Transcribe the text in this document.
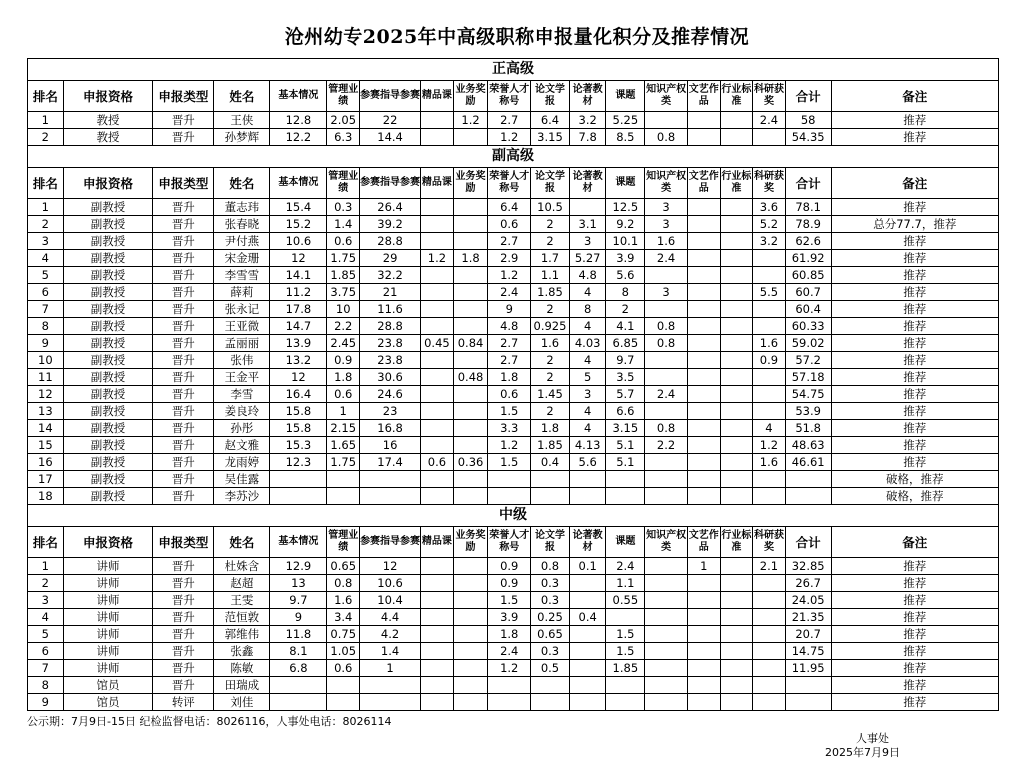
沧州幼专2025年中高级职称申报量化积分及推荐情况
正高级																		
排名	申报资格	申报类型	姓名	基本情况	管理业绩	参赛指导参赛	精品课	业务奖励	荣誉人才称号	论文学报	论著教材	课题	知识产权类	文艺作品	行业标准	科研获奖	合计	备注
1	教授	晋升	王侠	12.8	2.05	22		1.2	2.7	6.4	3.2	5.25				2.4	58	推荐
2	教授	晋升	孙梦辉	12.2	6.3	14.4			1.2	3.15	7.8	8.5	0.8				54.35	推荐
副高级																		
排名	申报资格	申报类型	姓名	基本情况	管理业绩	参赛指导参赛	精品课	业务奖励	荣誉人才称号	论文学报	论著教材	课题	知识产权类	文艺作品	行业标准	科研获奖	合计	备注
1	副教授	晋升	董志玮	15.4	0.3	26.4			6.4	10.5		12.5	3			3.6	78.1	推荐
2	副教授	晋升	张春晓	15.2	1.4	39.2			0.6	2	3.1	9.2	3			5.2	78.9	总分77.7，推荐
3	副教授	晋升	尹付燕	10.6	0.6	28.8			2.7	2	3	10.1	1.6			3.2	62.6	推荐
4	副教授	晋升	宋金珊	12	1.75	29	1.2	1.8	2.9	1.7	5.27	3.9	2.4				61.92	推荐
5	副教授	晋升	李雪雪	14.1	1.85	32.2			1.2	1.1	4.8	5.6					60.85	推荐
6	副教授	晋升	薛莉	11.2	3.75	21			2.4	1.85	4	8	3			5.5	60.7	推荐
7	副教授	晋升	张永记	17.8	10	11.6			9	2	8	2					60.4	推荐
8	副教授	晋升	王亚微	14.7	2.2	28.8			4.8	0.925	4	4.1	0.8				60.33	推荐
9	副教授	晋升	孟丽丽	13.9	2.45	23.8	0.45	0.84	2.7	1.6	4.03	6.85	0.8			1.6	59.02	推荐
10	副教授	晋升	张伟	13.2	0.9	23.8			2.7	2	4	9.7				0.9	57.2	推荐
11	副教授	晋升	王金平	12	1.8	30.6		0.48	1.8	2	5	3.5					57.18	推荐
12	副教授	晋升	李雪	16.4	0.6	24.6			0.6	1.45	3	5.7	2.4				54.75	推荐
13	副教授	晋升	姜良玲	15.8	1	23			1.5	2	4	6.6					53.9	推荐
14	副教授	晋升	孙彤	15.8	2.15	16.8			3.3	1.8	4	3.15	0.8			4	51.8	推荐
15	副教授	晋升	赵文雅	15.3	1.65	16			1.2	1.85	4.13	5.1	2.2			1.2	48.63	推荐
16	副教授	晋升	龙雨婷	12.3	1.75	17.4	0.6	0.36	1.5	0.4	5.6	5.1				1.6	46.61	推荐
17	副教授	晋升	吴佳露															破格，推荐
18	副教授	晋升	李苏沙															破格，推荐
中级																		
排名	申报资格	申报类型	姓名	基本情况	管理业绩	参赛指导参赛	精品课	业务奖励	荣誉人才称号	论文学报	论著教材	课题	知识产权类	文艺作品	行业标准	科研获奖	合计	备注
1	讲师	晋升	杜姝含	12.9	0.65	12			0.9	0.8	0.1	2.4		1		2.1	32.85	推荐
2	讲师	晋升	赵超	13	0.8	10.6			0.9	0.3		1.1					26.7	推荐
3	讲师	晋升	王雯	9.7	1.6	10.4			1.5	0.3		0.55					24.05	推荐
4	讲师	晋升	范恒敦	9	3.4	4.4			3.9	0.25	0.4						21.35	推荐
5	讲师	晋升	郭维伟	11.8	0.75	4.2			1.8	0.65		1.5					20.7	推荐
6	讲师	晋升	张鑫	8.1	1.05	1.4			2.4	0.3		1.5					14.75	推荐
7	讲师	晋升	陈敏	6.8	0.6	1			1.2	0.5		1.85					11.95	推荐
8	馆员	晋升	田瑞成															推荐
9	馆员	转评	刘佳															推荐
公示期：7月9日-15日 纪检监督电话：8026116，人事处电话：8026114
人事处
2025年7月9日
